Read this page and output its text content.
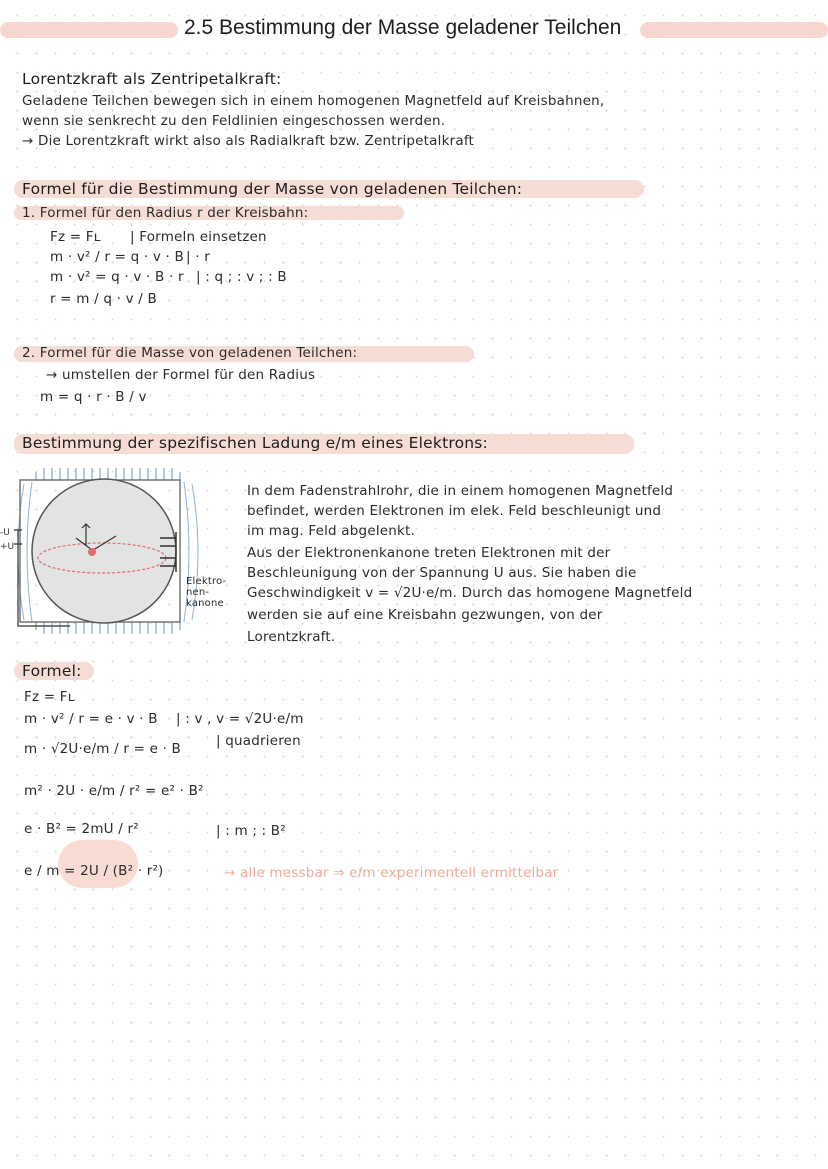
2.5 Bestimmung der Masse geladener Teilchen
Lorentzkraft als Zentripetalkraft:
Geladene Teilchen bewegen sich in einem homogenen Magnetfeld auf Kreisbahnen,
wenn sie senkrecht zu den Feldlinien eingeschossen werden.
→ Die Lorentzkraft wirkt also als Radialkraft bzw. Zentripetalkraft
Formel für die Bestimmung der Masse von geladenen Teilchen:
1. Formel für den Radius r der Kreisbahn:
Fᴢ = Fʟ | Formeln einsetzen
m · v² / r = q · v · B | · r
m · v² = q · v · B · r | : q ; : v ; : B
r = m / q · v / B
2. Formel für die Masse von geladenen Teilchen:
→ umstellen der Formel für den Radius
m = q · r · B / v
Bestimmung der spezifischen Ladung e/m eines Elektrons:
-U
+U
Elektro-
nen-
kanone
In dem Fadenstrahlrohr, die in einem homogenen Magnetfeld
befindet, werden Elektronen im elek. Feld beschleunigt und
im mag. Feld abgelenkt.
Aus der Elektronenkanone treten Elektronen mit der
Beschleunigung von der Spannung U aus. Sie haben die
Geschwindigkeit v = √2U·e/m. Durch das homogene Magnetfeld
werden sie auf eine Kreisbahn gezwungen, von der
Lorentzkraft.
Formel:
Fᴢ = Fʟ
m · v² / r = e · v · B | : v , v = √2U·e/m
m · √2U·e/m / r = e · B	| quadrieren
m² · 2U · e/m / r² = e² · B²
e · B² = 2mU / r²	| : m ; : B²
e / m = 2U / (B² · r²)	→ alle messbar ⇒ e/m experimentell ermittelbar
